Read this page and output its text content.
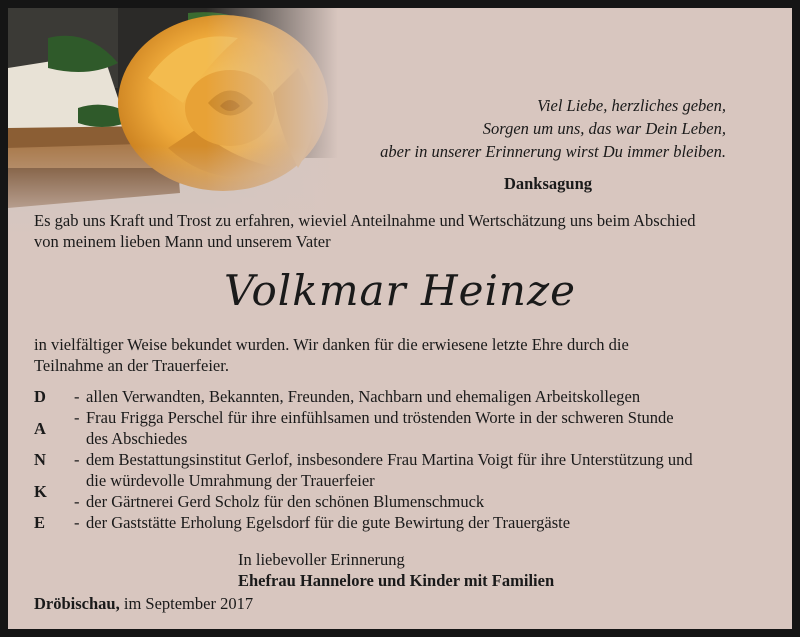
Viel Liebe, herzliches geben,
Sorgen um uns, das war Dein Leben,
aber in unserer Erinnerung wirst Du immer bleiben.
Danksagung
Es gab uns Kraft und Trost zu erfahren, wieviel Anteilnahme und Wertschätzung uns beim Abschied
von meinem lieben Mann und unserem Vater
Volkmar Heinze
in vielfältiger Weise bekundet wurden. Wir danken für die erwiesene letzte Ehre durch die
Teilnahme an der Trauerfeier.
D
A
N
K
E
- allen Verwandten, Bekannten, Freunden, Nachbarn und ehemaligen Arbeitskollegen
- Frau Frigga Perschel für ihre einfühlsamen und tröstenden Worte in der schweren Stunde
des Abschiedes
- dem Bestattungsinstitut Gerlof, insbesondere Frau Martina Voigt für ihre Unterstützung und
die würdevolle Umrahmung der Trauerfeier
- der Gärtnerei Gerd Scholz für den schönen Blumenschmuck
- der Gaststätte Erholung Egelsdorf für die gute Bewirtung der Trauergäste
In liebevoller Erinnerung
Ehefrau Hannelore und Kinder mit Familien
Dröbischau, im September 2017
